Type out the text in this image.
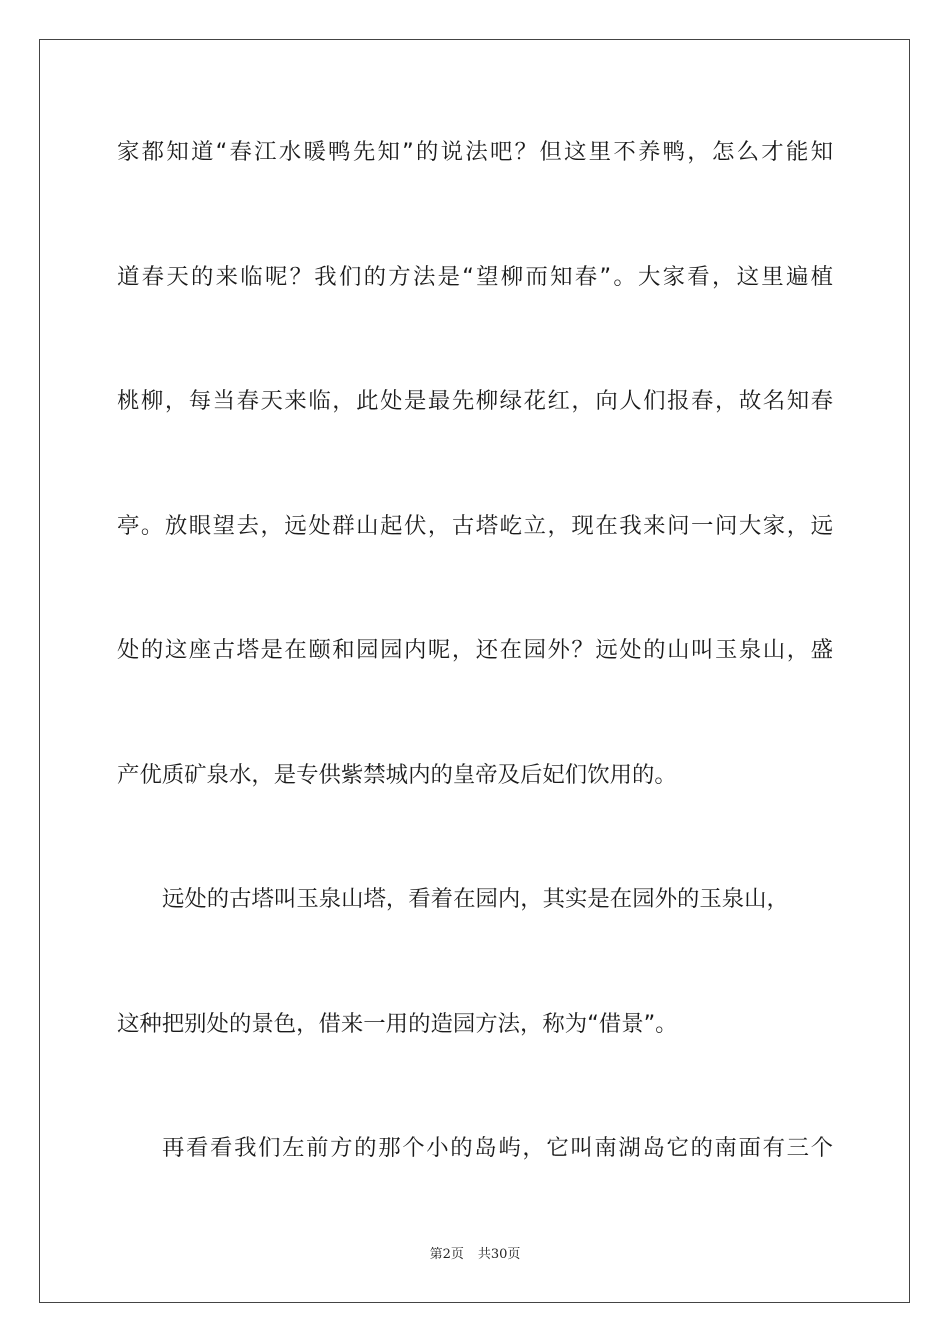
家都知道“春江水暖鸭先知”的说法吧？但这里不养鸭，怎么才能知
道春天的来临呢？我们的方法是“望柳而知春”。大家看，这里遍植
桃柳，每当春天来临，此处是最先柳绿花红，向人们报春，故名知春
亭。放眼望去，远处群山起伏，古塔屹立，现在我来问一问大家，远
处的这座古塔是在颐和园园内呢，还在园外？远处的山叫玉泉山，盛
产优质矿泉水，是专供紫禁城内的皇帝及后妃们饮用的。
远处的古塔叫玉泉山塔，看着在园内，其实是在园外的玉泉山，
这种把别处的景色，借来一用的造园方法，称为“借景”。
再看看我们左前方的那个小的岛屿，它叫南湖岛它的南面有三个
第2页 共30页
